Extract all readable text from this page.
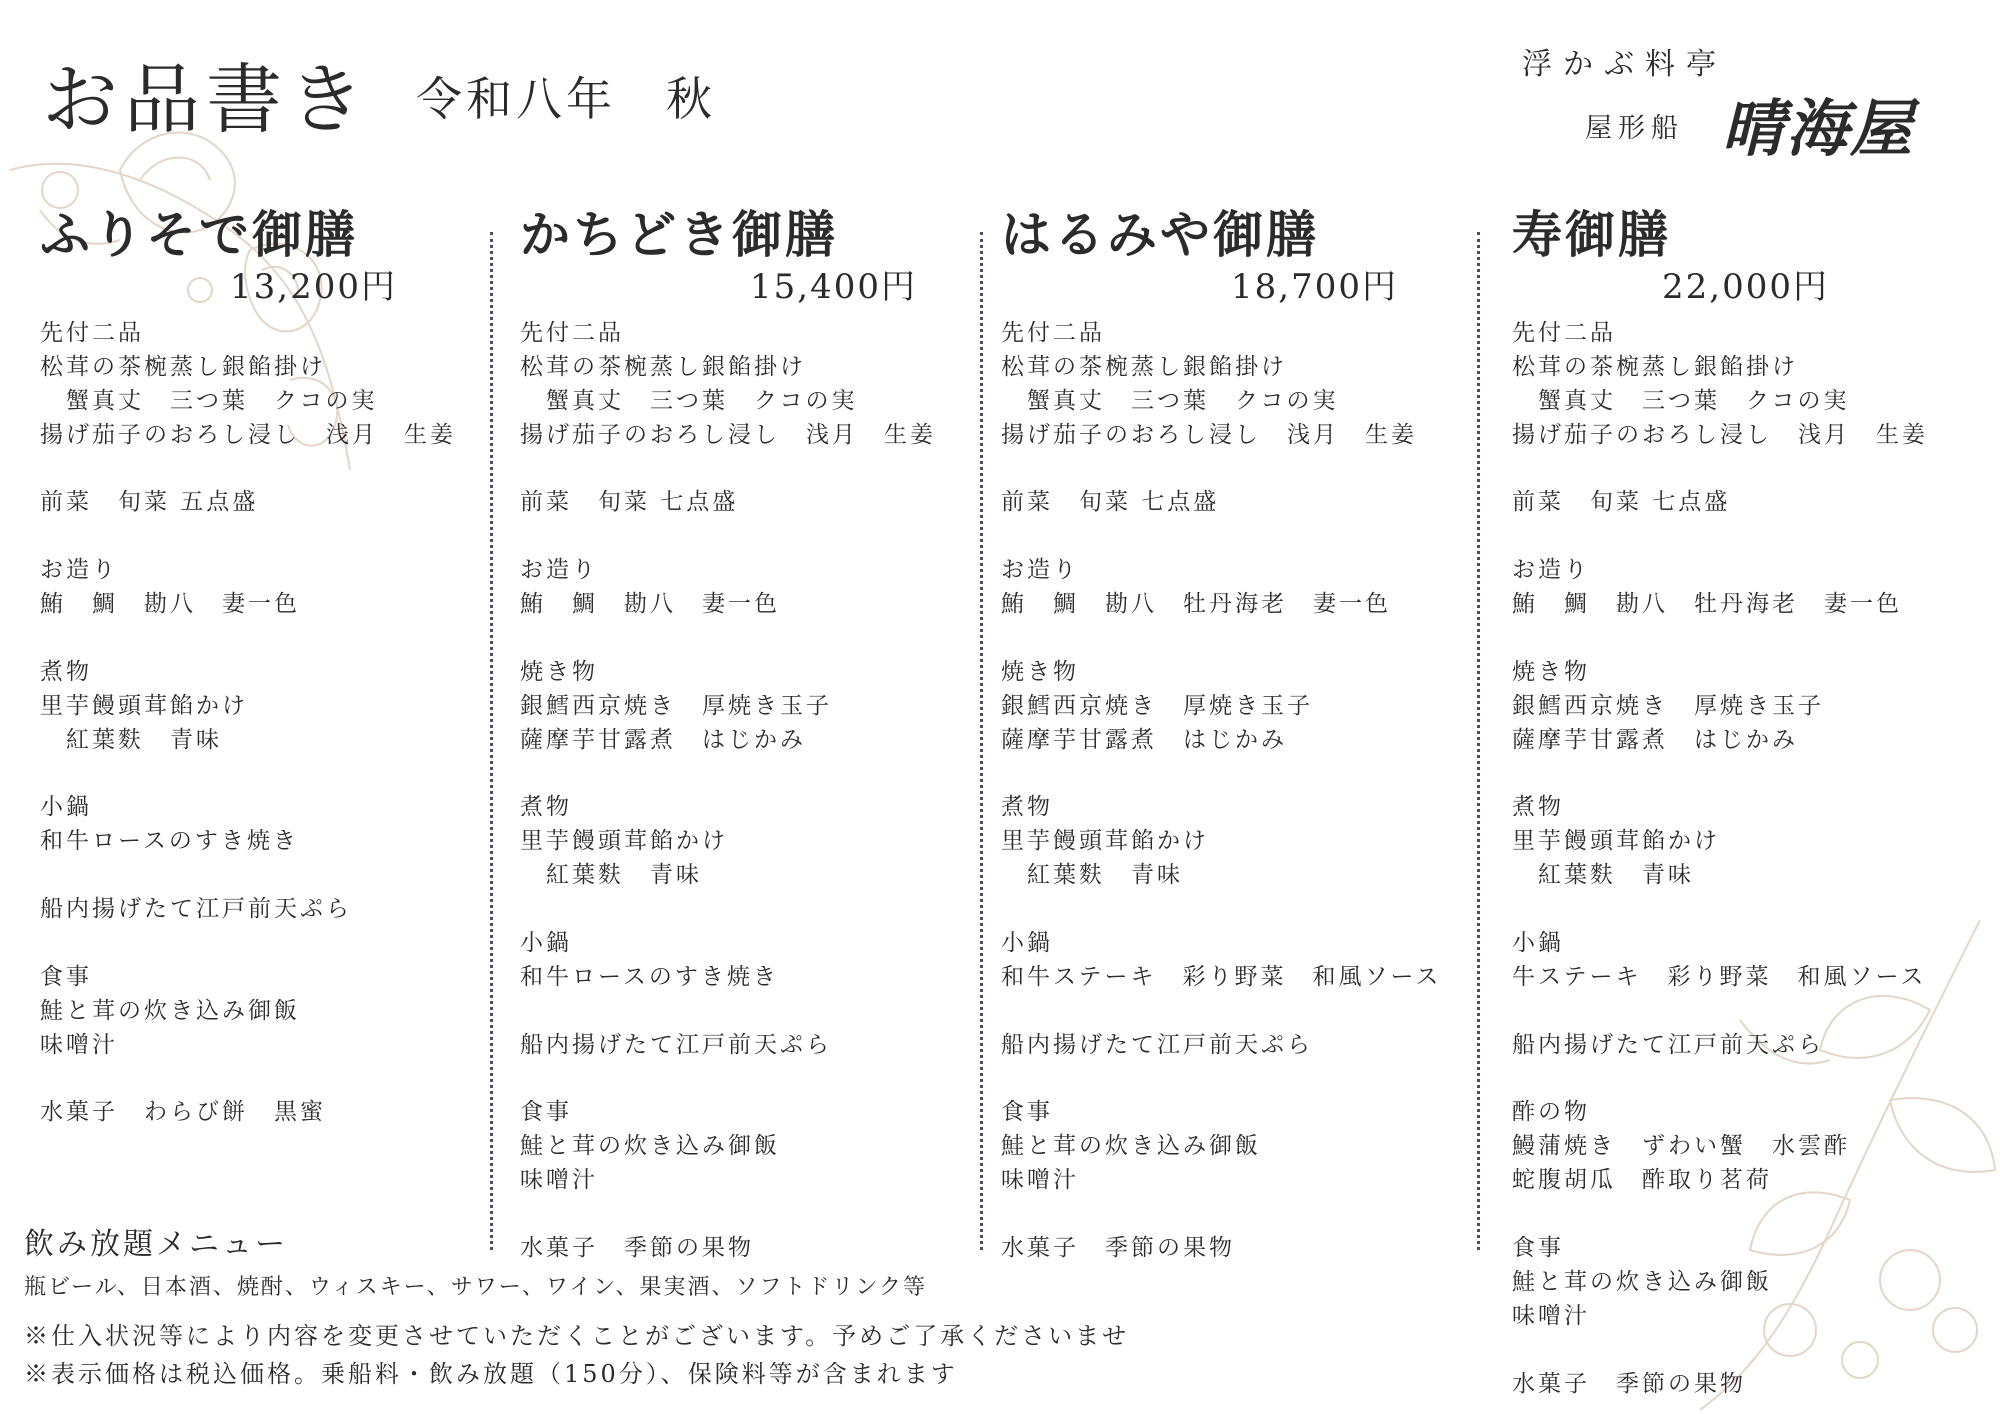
お品書き 令和八年　秋
浮かぶ料亭
屋形船 晴海屋
ふりそで御膳
13,200円
先付二品
松茸の茶椀蒸し銀餡掛け
　蟹真丈　三つ葉　クコの実
揚げ茄子のおろし浸し　浅月　生姜
前菜　旬菜 五点盛
お造り
鮪　鯛　勘八　妻一色
煮物
里芋饅頭茸餡かけ
　紅葉麩　青味
小鍋
和牛ロースのすき焼き
船内揚げたて江戸前天ぷら
食事
鮭と茸の炊き込み御飯
味噌汁
水菓子　わらび餅　黒蜜
かちどき御膳
15,400円
先付二品
松茸の茶椀蒸し銀餡掛け
　蟹真丈　三つ葉　クコの実
揚げ茄子のおろし浸し　浅月　生姜
前菜　旬菜 七点盛
お造り
鮪　鯛　勘八　妻一色
焼き物
銀鱈西京焼き　厚焼き玉子
薩摩芋甘露煮　はじかみ
煮物
里芋饅頭茸餡かけ
　紅葉麩　青味
小鍋
和牛ロースのすき焼き
船内揚げたて江戸前天ぷら
食事
鮭と茸の炊き込み御飯
味噌汁
水菓子　季節の果物
はるみや御膳
18,700円
先付二品
松茸の茶椀蒸し銀餡掛け
　蟹真丈　三つ葉　クコの実
揚げ茄子のおろし浸し　浅月　生姜
前菜　旬菜 七点盛
お造り
鮪　鯛　勘八　牡丹海老　妻一色
焼き物
銀鱈西京焼き　厚焼き玉子
薩摩芋甘露煮　はじかみ
煮物
里芋饅頭茸餡かけ
　紅葉麩　青味
小鍋
和牛ステーキ　彩り野菜　和風ソース
船内揚げたて江戸前天ぷら
食事
鮭と茸の炊き込み御飯
味噌汁
水菓子　季節の果物
寿御膳
22,000円
先付二品
松茸の茶椀蒸し銀餡掛け
　蟹真丈　三つ葉　クコの実
揚げ茄子のおろし浸し　浅月　生姜
前菜　旬菜 七点盛
お造り
鮪　鯛　勘八　牡丹海老　妻一色
焼き物
銀鱈西京焼き　厚焼き玉子
薩摩芋甘露煮　はじかみ
煮物
里芋饅頭茸餡かけ
　紅葉麩　青味
小鍋
牛ステーキ　彩り野菜　和風ソース
船内揚げたて江戸前天ぷら
酢の物
鰻蒲焼き　ずわい蟹　水雲酢
蛇腹胡瓜　酢取り茗荷
食事
鮭と茸の炊き込み御飯
味噌汁
水菓子　季節の果物
飲み放題メニュー
瓶ビール、日本酒、焼酎、ウィスキー、サワー、ワイン、果実酒、ソフトドリンク等
※仕入状況等により内容を変更させていただくことがございます。予めご了承くださいませ
※表示価格は税込価格。乗船料・飲み放題（150分）、保険料等が含まれます
